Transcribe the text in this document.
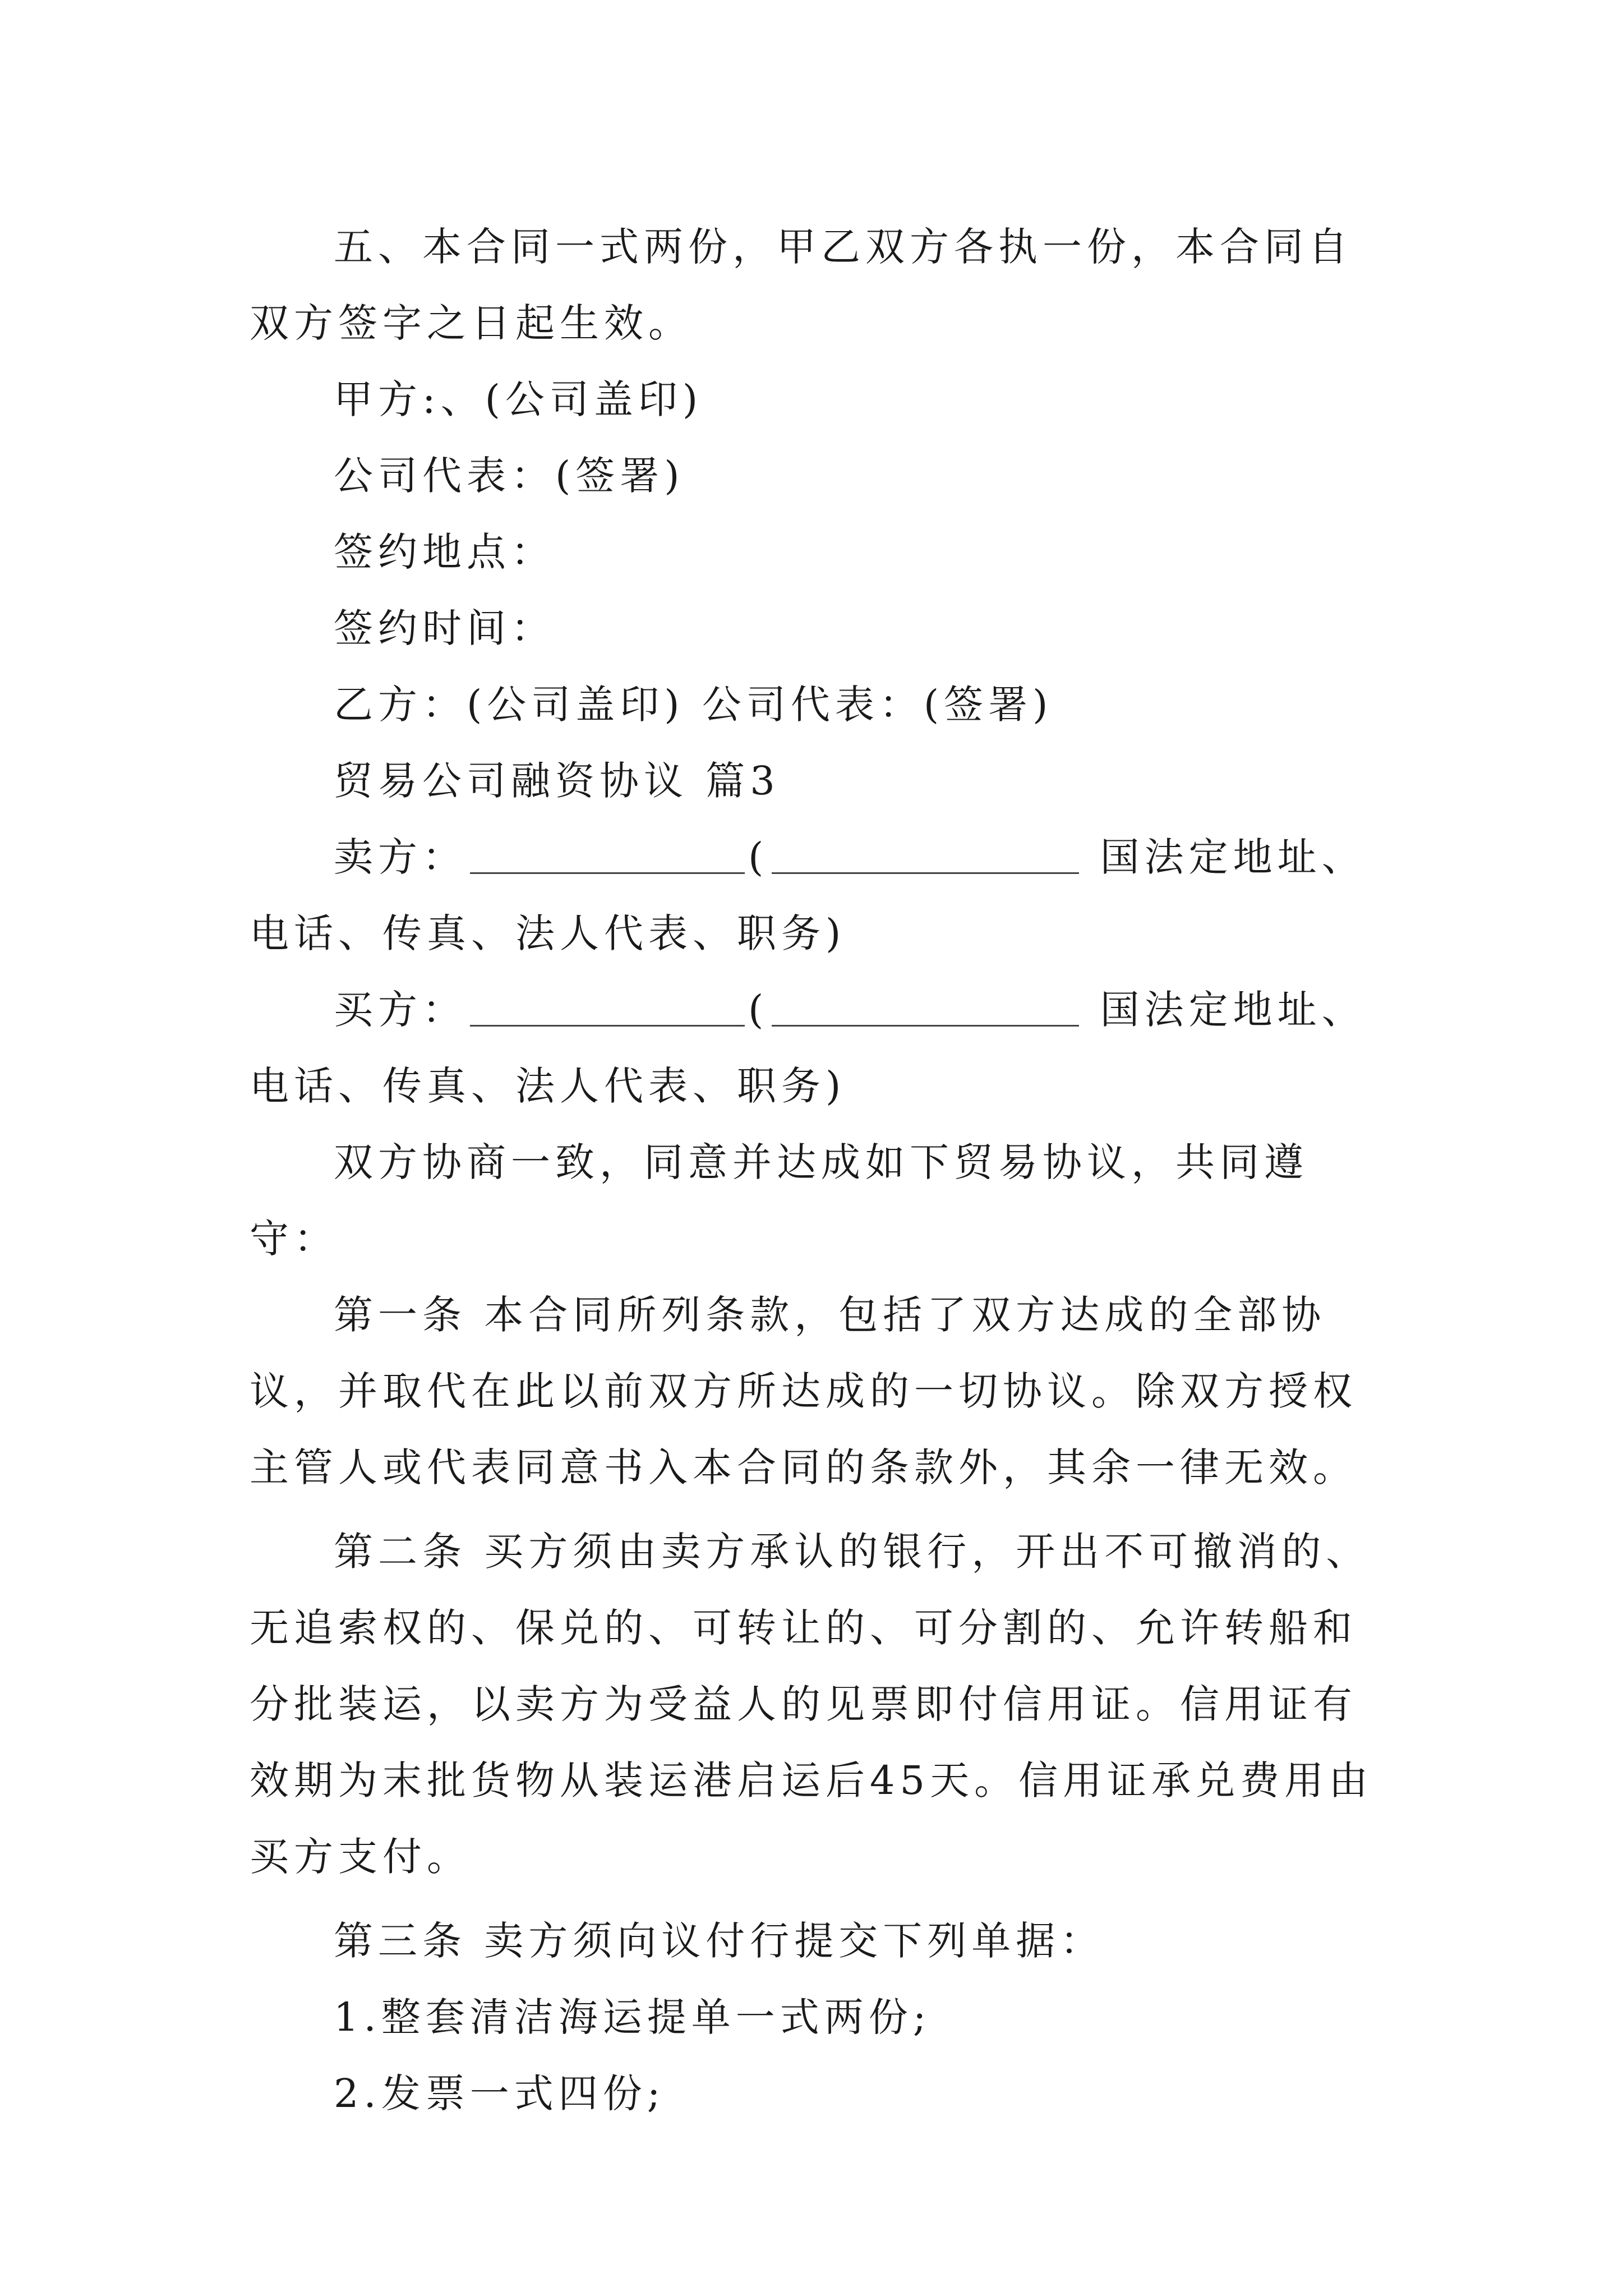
五、本合同一式两份，甲乙双方各执一份，本合同自双方签字之日起生效。

甲方:、(公司盖印)

公司代表：(签署)

签约地点：

签约时间：

乙方：(公司盖印) 公司代表：(签署)

贸易公司融资协议 篇3

卖方：	(	国法定地址、电话、传真、法人代表、职务)

买方：	(	国法定地址、电话、传真、法人代表、职务)

双方协商一致，同意并达成如下贸易协议，共同遵守：

第一条 本合同所列条款，包括了双方达成的全部协议，并取代在此以前双方所达成的一切协议。除双方授权主管人或代表同意书入本合同的条款外，其余一律无效。

第二条 买方须由卖方承认的银行，开出不可撤消的、无追索权的、保兑的、可转让的、可分割的、允许转船和分批装运，以卖方为受益人的见票即付信用证。信用证有效期为末批货物从装运港启运后45天。信用证承兑费用由买方支付。

第三条 卖方须向议付行提交下列单据：

1.整套清洁海运提单一式两份;

2.发票一式四份;
